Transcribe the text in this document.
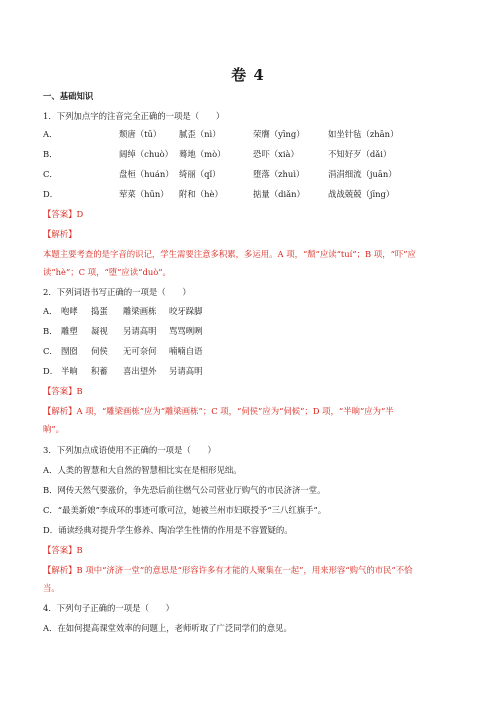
卷 4
一、基础知识
1．下列加点字的注音完全正确的一项是（　　）
A．	颓唐（tū） 腻歪（nì）	荣膺（yīng）	如坐针毡（zhān）
B．	阔绰（chuò） 蓦地（mò）	恐吓（xià）	不知好歹（dǎi）
C．	盘桓（huán） 绮丽（qǐ）	堕落（zhuì）	涓涓细流（juān）
D．	荤菜（hūn） 附和（hè）	掂量（diǎn）	战战兢兢（jīng）
【答案】D
【解析】
本题主要考查的是字音的识记，学生需要注意多积累，多运用。A 项，“颓”应读“tuí”；B 项，“吓”应
读“hè”；C 项，“堕”应读“duò”。
2．下列词语书写正确的一项是（　　）
A． 咆哮 捣蛋 雕梁画栋 咬牙跺脚
B． 雕塑 凝视 另请高明 骂骂咧咧
C． 囫囵 伺侯 无可奈何 喃喃自语
D． 半晌 积蓄 喜出望外 另请高明
【答案】B
【解析】A 项，“雕梁画栋”应为“雕梁画栋”；C 项，“伺侯”应为“伺候”；D 项，“半晌”应为“半
晌”。
3．下列加点成语使用不正确的一项是（　　）
A．人类的智慧和大自然的智慧相比实在是相形见绌。
B．网传天然气要涨价，争先恐后前往燃气公司营业厅购气的市民济济一堂。
C．“最美新娘”李成环的事迹可歌可泣，她被兰州市妇联授予“三八红旗手”。
D．诵读经典对提升学生修养、陶冶学生性情的作用是不容置疑的。
【答案】B
【解析】B 项中“济济一堂”的意思是“形容许多有才能的人聚集在一起”，用来形容“购气的市民”不恰
当。
4．下列句子正确的一项是（　　）
A．在如何提高课堂效率的问题上，老师听取了广泛同学们的意见。
